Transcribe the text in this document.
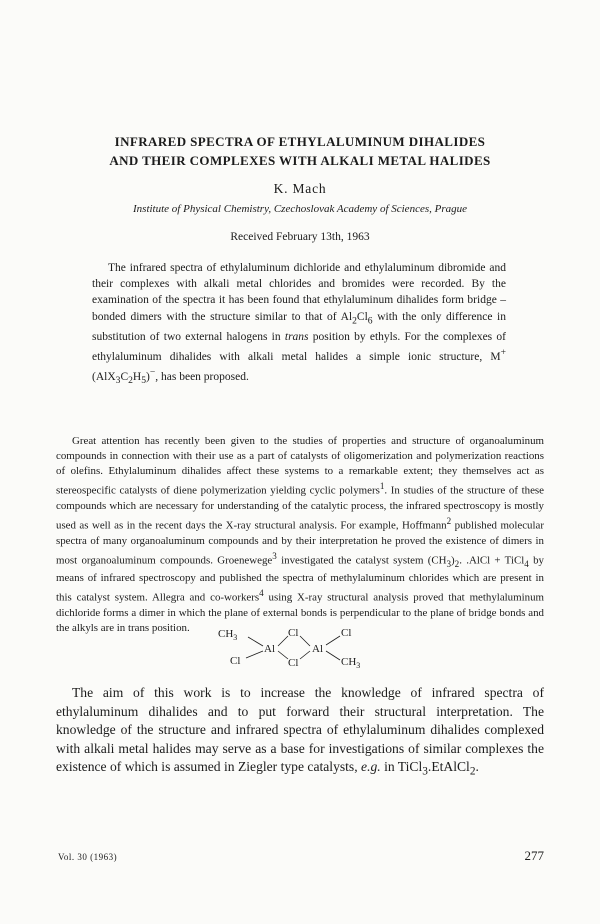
INFRARED SPECTRA OF ETHYLALUMINUM DIHALIDES
AND THEIR COMPLEXES WITH ALKALI METAL HALIDES
K. Mach
Institute of Physical Chemistry, Czechoslovak Academy of Sciences, Prague
Received February 13th, 1963

The infrared spectra of ethylaluminum dichloride and ethylaluminum dibromide and their complexes with alkali metal chlorides and bromides were recorded. By the examination of the spectra it has been found that ethylaluminum dihalides form bridge – bonded dimers with the structure similar to that of $Al_2Cl_6$ with the only difference in substitution of two external halogens in trans position by ethyls. For the complexes of ethylaluminum dihalides with alkali metal halides a simple ionic structure, $M^+(AlX_3C_2H_5)^-$, has been proposed.

Great attention has recently been given to the studies of properties and structure of organoaluminum compounds in connection with their use as a part of catalysts of oligomerization and polymerization reactions of olefins. Ethylaluminum dihalides affect these systems to a remarkable extent; they themselves act as stereospecific catalysts of diene polymerization yielding cyclic polymers$^1$. In studies of the structure of these compounds which are necessary for understanding of the catalytic process, the infrared spectroscopy is mostly used as well as in the recent days the X-ray structural analysis. For example, Hoffmann$^2$ published molecular spectra of many organoaluminum compounds and by their interpretation he proved the existence of dimers in most organoaluminum compounds. Groenewege$^3$ investigated the catalyst system $(CH_3)_2$. .AlCl + TiCl$_4$ by means of infrared spectroscopy and published the spectra of methylaluminum chlorides which are present in this catalyst system. Allegra and co-workers$^4$ using X-ray structural analysis proved that methylaluminum dichloride forms a dimer in which the plane of external bonds is perpendicular to the plane of bridge bonds and the alkyls are in trans position.	$CH_3$
Cl
Al
Cl
Cl
Al
Cl
$CH_3$

The aim of this work is to increase the knowledge of infrared spectra of ethylaluminum dihalides and to put forward their structural interpretation. The knowledge of the structure and infrared spectra of ethylaluminum dihalides complexed with alkali metal halides may serve as a base for investigations of similar complexes the existence of which is assumed in Ziegler type catalysts, e.g. in TiCl$_3$.EtAlCl$_2$.

Vol. 30 (1963)	277
